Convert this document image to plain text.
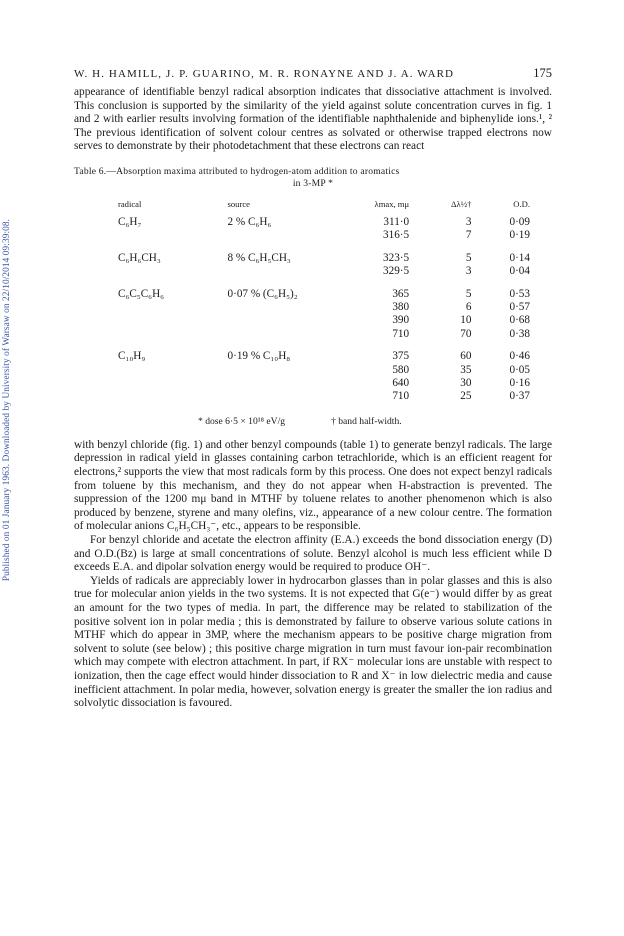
Published on 01 January 1963. Downloaded by University of Warsaw on 22/10/2014 09:39:08.
W. H. HAMILL, J. P. GUARINO, M. R. RONAYNE AND J. A. WARD	175

appearance of identifiable benzyl radical absorption indicates that dissociative attachment is involved. This conclusion is supported by the similarity of the yield against solute concentration curves in fig. 1 and 2 with earlier results involving formation of the identifiable naphthalenide and biphenylide ions.¹, ² The previous identification of solvent colour centres as solvated or otherwise trapped electrons now serves to demonstrate by their photodetachment that these electrons can react

Table 6.—Absorption maxima attributed to hydrogen-atom addition to aromatics
in 3-MP *
radical	source	λmax, mμ	Δλ½†	O.D.
C₆H₇	2 % C₆H₆	311·0	3	0·09
		316·5	7	0·19
C₆H₆CH₃	8 % C₆H₅CH₃	323·5	5	0·14
		329·5	3	0·04
C₆C₅C₆H₆	0·07 % (C₆H₅)₂	365	5	0·53
		380	6	0·57
		390	10	0·68
		710	70	0·38
C₁₀H₉	0·19 % C₁₀H₈	375	60	0·46
		580	35	0·05
		640	30	0·16
		710	25	0·37
* dose 6·5 × 10¹⁸ eV/g	† band half-width.

with benzyl chloride (fig. 1) and other benzyl compounds (table 1) to generate benzyl radicals. The large depression in radical yield in glasses containing carbon tetrachloride, which is an efficient reagent for electrons,² supports the view that most radicals form by this process. One does not expect benzyl radicals from toluene by this mechanism, and they do not appear when H-abstraction is prevented. The suppression of the 1200 mμ band in MTHF by toluene relates to another phenomenon which is also produced by benzene, styrene and many olefins, viz., appearance of a new colour centre. The formation of molecular anions C₆H₅CH₃⁻, etc., appears to be responsible.

For benzyl chloride and acetate the electron affinity (E.A.) exceeds the bond dissociation energy (D) and O.D.(Bz) is large at small concentrations of solute. Benzyl alcohol is much less efficient while D exceeds E.A. and dipolar solvation energy would be required to produce OH⁻.

Yields of radicals are appreciably lower in hydrocarbon glasses than in polar glasses and this is also true for molecular anion yields in the two systems. It is not expected that G(e⁻) would differ by as great an amount for the two types of media. In part, the difference may be related to stabilization of the positive solvent ion in polar media ; this is demonstrated by failure to observe various solute cations in MTHF which do appear in 3MP, where the mechanism appears to be positive charge migration from solvent to solute (see below) ; this positive charge migration in turn must favour ion-pair recombination which may compete with electron attachment. In part, if RX⁻ molecular ions are unstable with respect to ionization, then the cage effect would hinder dissociation to R and X⁻ in low dielectric media and cause inefficient attachment. In polar media, however, solvation energy is greater the smaller the ion radius and solvolytic dissociation is favoured.
